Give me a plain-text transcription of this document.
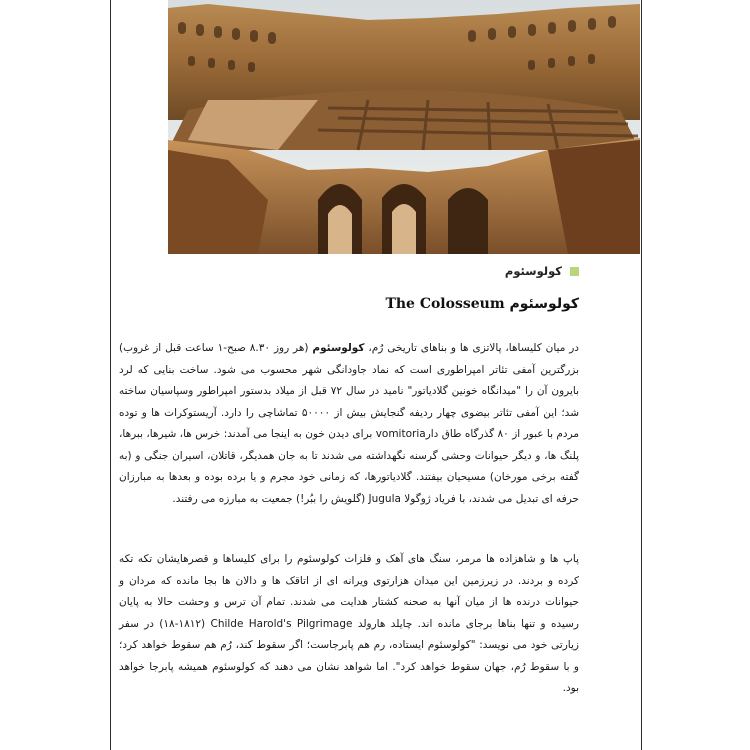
کولوسئوم
کولوسئوم The Colosseum
در میان کلیساها، پالاتزی ها و بناهای تاریخی رُم، کولوسئوم (هر روز ۸.۳۰ صبح-۱ ساعت قبل از غروب) بزرگترین آمفی تئاتر امپراطوری است که نماد جاودانگی شهر محسوب می شود. ساخت بنایی که لرد بایرون آن را "میدانگاه خونین گلادیاتور" نامید در سال ۷۲ قبل از میلاد بدستور امپراطور وسپاسیان ساخته شد؛ این آمفی تئاتر بیضوی چهار ردیفه گنجایش بیش از ۵۰۰۰۰ تماشاچی را دارد. آریستوکرات ها و توده مردم با عبور از ۸۰ گذرگاه طاق دارvomitoria برای دیدن خون به اینجا می آمدند: خرس ها، شیرها، ببرها، پلنگ ها، و دیگر حیوانات وحشی گرسنه نگهداشته می شدند تا به جان همدیگر، قاتلان، اسیران جنگی و (به گفته برخی مورخان) مسیحیان بیفتند. گلادیاتورها، که زمانی خود مجرم و یا برده بوده و بعدها به مبارزان حرفه ای تبدیل می شدند، با فریاد ژوگولا Jugula (گلویش را ببُر!) جمعیت به مبارزه می رفتند.
پاپ ها و شاهزاده ها مرمر، سنگ های آهک و فلزات کولوسئوم را برای کلیساها و قصرهایشان تکه تکه کرده و بردند. در زیرزمین این میدان هزارتوی ویرانه ای از اتاقک ها و دالان ها بجا مانده که مردان و حیوانات درنده ها از میان آنها به صحنه کشتار هدایت می شدند. تمام آن ترس و وحشت حالا به پایان رسیده و تنها بناها برجای مانده اند. چایلد هارولد Childe Harold's Pilgrimage (۱۸۱۲-۱۸) در سفر زیارتی خود می نویسد: "کولوسئوم ایستاده، رم هم پابرجاست؛ اگر سقوط کند، رُم هم سقوط خواهد کرد؛ و با سقوط رُم، جهان سقوط خواهد کرد". اما شواهد نشان می دهند که کولوسئوم همیشه پابرجا خواهد بود.
